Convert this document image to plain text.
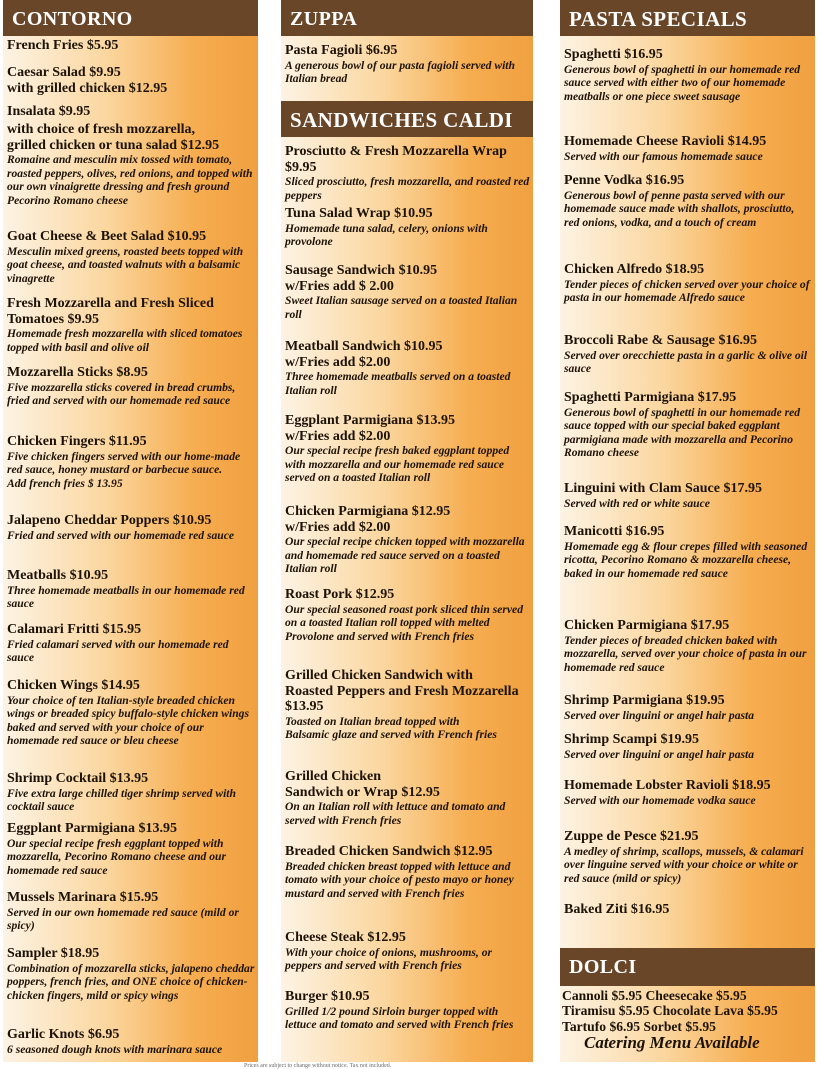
CONTORNO
French Fries $5.95
Caesar Salad $9.95
with grilled chicken $12.95
Insalata $9.95
with choice of fresh mozzarella,
grilled chicken or tuna salad $12.95
Romaine and mesculin mix tossed with tomato, roasted peppers, olives, red onions, and topped with our own vinaigrette dressing and fresh ground Pecorino Romano cheese
Goat Cheese & Beet Salad $10.95
Mesculin mixed greens, roasted beets topped with goat cheese, and toasted walnuts with a balsamic vinagrette
Fresh Mozzarella and Fresh Sliced
Tomatoes $9.95
Homemade fresh mozzarella with sliced tomatoes topped with basil and olive oil
Mozzarella Sticks $8.95
Five mozzarella sticks covered in bread crumbs, fried and served with our homemade red sauce
Chicken Fingers $11.95
Five chicken fingers served with our home-made red sauce, honey mustard or barbecue sauce.
Add french fries $ 13.95
Jalapeno Cheddar Poppers $10.95
Fried and served with our homemade red sauce
Meatballs $10.95
Three homemade meatballs in our homemade red sauce
Calamari Fritti $15.95
Fried calamari served with our homemade red sauce
Chicken Wings $14.95
Your choice of ten Italian-style breaded chicken wings or breaded spicy buffalo-style chicken wings baked and served with your choice of our homemade red sauce or bleu cheese
Shrimp Cocktail $13.95
Five extra large chilled tiger shrimp served with cocktail sauce
Eggplant Parmigiana $13.95
Our special recipe fresh eggplant topped with mozzarella, Pecorino Romano cheese and our homemade red sauce
Mussels Marinara $15.95
Served in our own homemade red sauce (mild or spicy)
Sampler $18.95
Combination of mozzarella sticks, jalapeno cheddar poppers, french fries, and ONE choice of chicken- chicken fingers, mild or spicy wings
Garlic Knots $6.95
6 seasoned dough knots with marinara sauce
ZUPPA
Pasta Fagioli $6.95
A generous bowl of our pasta fagioli served with Italian bread
SANDWICHES CALDI
Prosciutto & Fresh Mozzarella Wrap $9.95
Sliced prosciutto, fresh mozzarella, and roasted red peppers
Tuna Salad Wrap $10.95
Homemade tuna salad, celery, onions with provolone
Sausage Sandwich $10.95
w/Fries add $ 2.00
Sweet Italian sausage served on a toasted Italian roll
Meatball Sandwich $10.95
w/Fries add $2.00
Three homemade meatballs served on a toasted Italian roll
Eggplant Parmigiana $13.95
w/Fries add $2.00
Our special recipe fresh baked eggplant topped with mozzarella and our homemade red sauce served on a toasted Italian roll
Chicken Parmigiana $12.95
w/Fries add $2.00
Our special recipe chicken topped with mozzarella and homemade red sauce served on a toasted Italian roll
Roast Pork $12.95
Our special seasoned roast pork sliced thin served on a toasted Italian roll topped with melted Provolone and served with French fries
Grilled Chicken Sandwich with
Roasted Peppers and Fresh Mozzarella
$13.95
Toasted on Italian bread topped with
Balsamic glaze and served with French fries
Grilled Chicken
Sandwich or Wrap $12.95
On an Italian roll with lettuce and tomato and served with French fries
Breaded Chicken Sandwich $12.95
Breaded chicken breast topped with lettuce and tomato with your choice of pesto mayo or honey mustard and served with French fries
Cheese Steak $12.95
With your choice of onions, mushrooms, or peppers and served with French fries
Burger $10.95
Grilled 1/2 pound Sirloin burger topped with lettuce and tomato and served with French fries
PASTA SPECIALS
Spaghetti $16.95
Generous bowl of spaghetti in our homemade red sauce served with either two of our homemade meatballs or one piece sweet sausage
Homemade Cheese Ravioli $14.95
Served with our famous homemade sauce
Penne Vodka $16.95
Generous bowl of penne pasta served with our homemade sauce made with shallots, prosciutto, red onions, vodka, and a touch of cream
Chicken Alfredo $18.95
Tender pieces of chicken served over your choice of pasta in our homemade Alfredo sauce
Broccoli Rabe & Sausage $16.95
Served over orecchiette pasta in a garlic & olive oil sauce
Spaghetti Parmigiana $17.95
Generous bowl of spaghetti in our homemade red sauce topped with our special baked eggplant parmigiana made with mozzarella and Pecorino Romano cheese
Linguini with Clam Sauce $17.95
Served with red or white sauce
Manicotti $16.95
Homemade egg & flour crepes filled with seasoned ricotta, Pecorino Romano & mozzarella cheese, baked in our homemade red sauce
Chicken Parmigiana $17.95
Tender pieces of breaded chicken baked with mozzarella, served over your choice of pasta in our homemade red sauce
Shrimp Parmigiana $19.95
Served over linguini or angel hair pasta
Shrimp Scampi $19.95
Served over linguini or angel hair pasta
Homemade Lobster Ravioli $18.95
Served with our homemade vodka sauce
Zuppe de Pesce $21.95
A medley of shrimp, scallops, mussels, & calamari over linguine served with your choice or white or red sauce (mild or spicy)
Baked Ziti $16.95
DOLCI
Cannoli $5.95 Cheesecake $5.95
Tiramisu $5.95 Chocolate Lava $5.95
Tartufo $6.95 Sorbet $5.95
Catering Menu Available
Prices are subject to change without notice. Tax not included.
